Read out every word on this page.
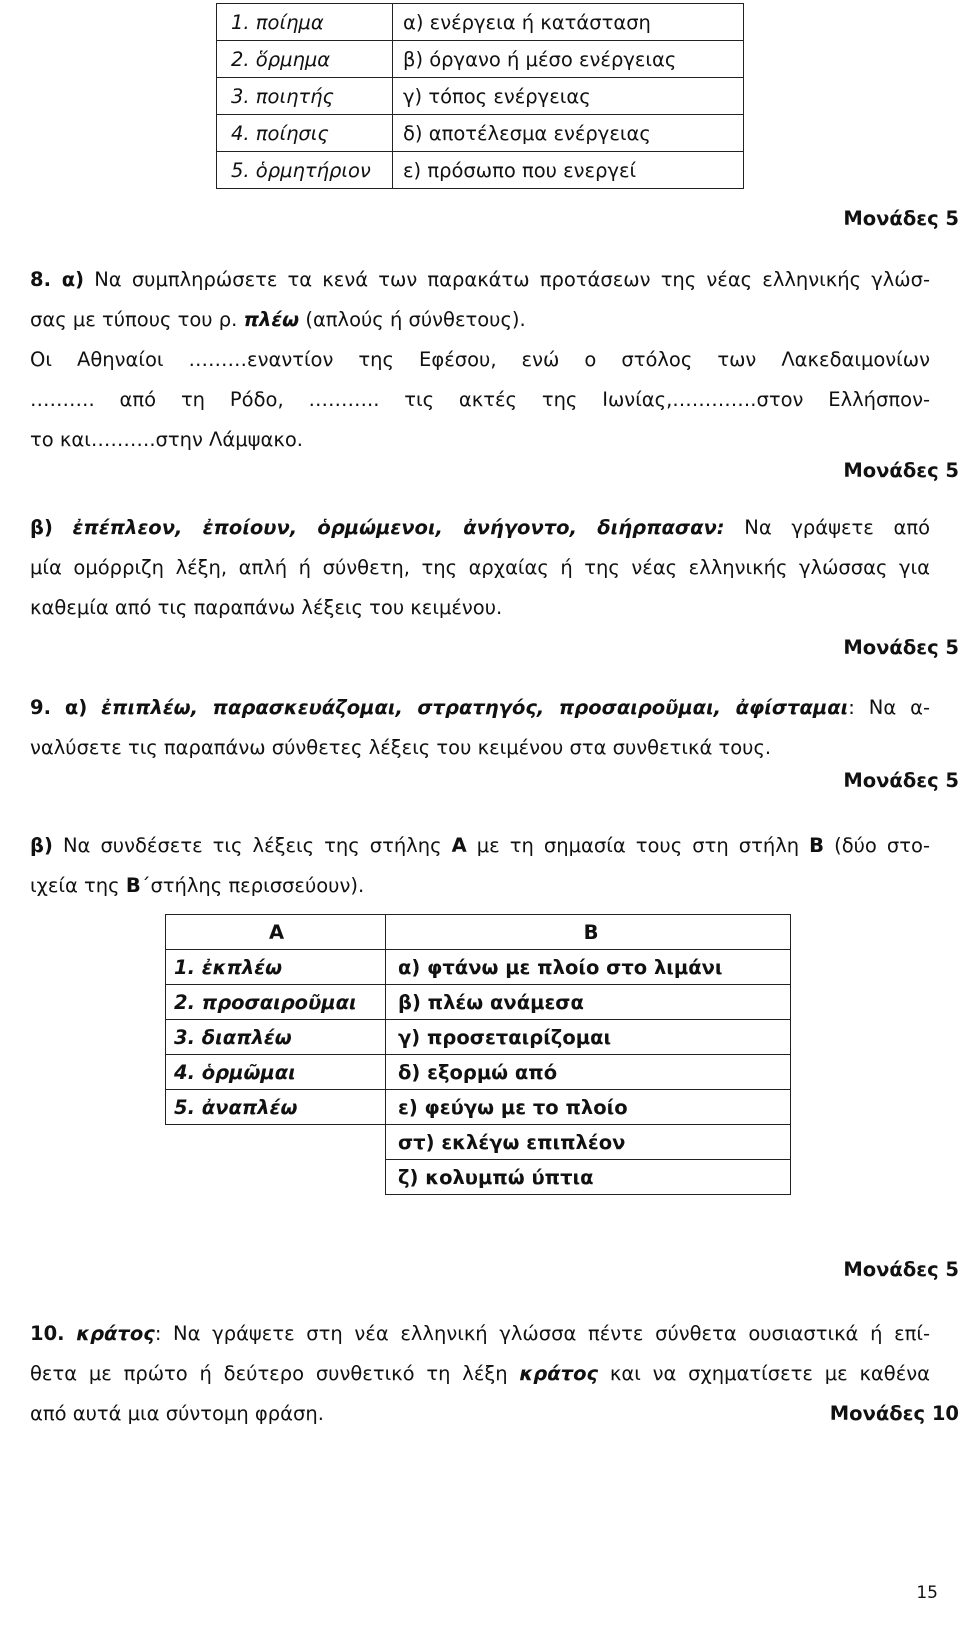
1. ποίημα	α) ενέργεια ή κατάσταση
2. ὅρμημα	β) όργανο ή μέσο ενέργειας
3. ποιητής	γ) τόπος ενέργειας
4. ποίησις	δ) αποτέλεσμα ενέργειας
5. ὁρμητήριον	ε) πρόσωπο που ενεργεί
Μονάδες 5
8. α) Να συμπληρώσετε τα κενά των παρακάτω προτάσεων της νέας ελληνικής γλώσ-
σας με τύπους του ρ. πλέω (απλούς ή σύνθετους).
Οι Αθηναίοι ………εναντίον της Εφέσου, ενώ ο στόλος των Λακεδαιμονίων
………. από τη Ρόδο, ……….. τις ακτές της Ιωνίας,………….στον Ελλήσπον-
το και……….στην Λάμψακο.
Μονάδες 5
β) ἐπέπλεον, ἐποίουν, ὁρμώμενοι, ἀνήγοντο, διήρπασαν: Να γράψετε από
μία ομόρριζη λέξη, απλή ή σύνθετη, της αρχαίας ή της νέας ελληνικής γλώσσας για
καθεμία από τις παραπάνω λέξεις του κειμένου.
Μονάδες 5
9. α) ἐπιπλέω, παρασκευάζομαι, στρατηγός, προσαιροῦμαι, ἀφίσταμαι: Να α-
ναλύσετε τις παραπάνω σύνθετες λέξεις του κειμένου στα συνθετικά τους.
Μονάδες 5
β) Να συνδέσετε τις λέξεις της στήλης Α με τη σημασία τους στη στήλη Β (δύο στο-
ιχεία της Β΄στήλης περισσεύουν).
Α	Β
1. ἐκπλέω	α) φτάνω με πλοίο στο λιμάνι
2. προσαιροῦμαι	β) πλέω ανάμεσα
3. διαπλέω	γ) προσεταιρίζομαι
4. ὁρμῶμαι	δ) εξορμώ από
5. ἀναπλέω	ε) φεύγω με το πλοίο
	στ) εκλέγω επιπλέον
	ζ) κολυμπώ ύπτια
Μονάδες 5
10. κράτος: Να γράψετε στη νέα ελληνική γλώσσα πέντε σύνθετα ουσιαστικά ή επί-
θετα με πρώτο ή δεύτερο συνθετικό τη λέξη κράτος και να σχηματίσετε με καθένα
από αυτά μια σύντομη φράση.	Μονάδες 10
15
